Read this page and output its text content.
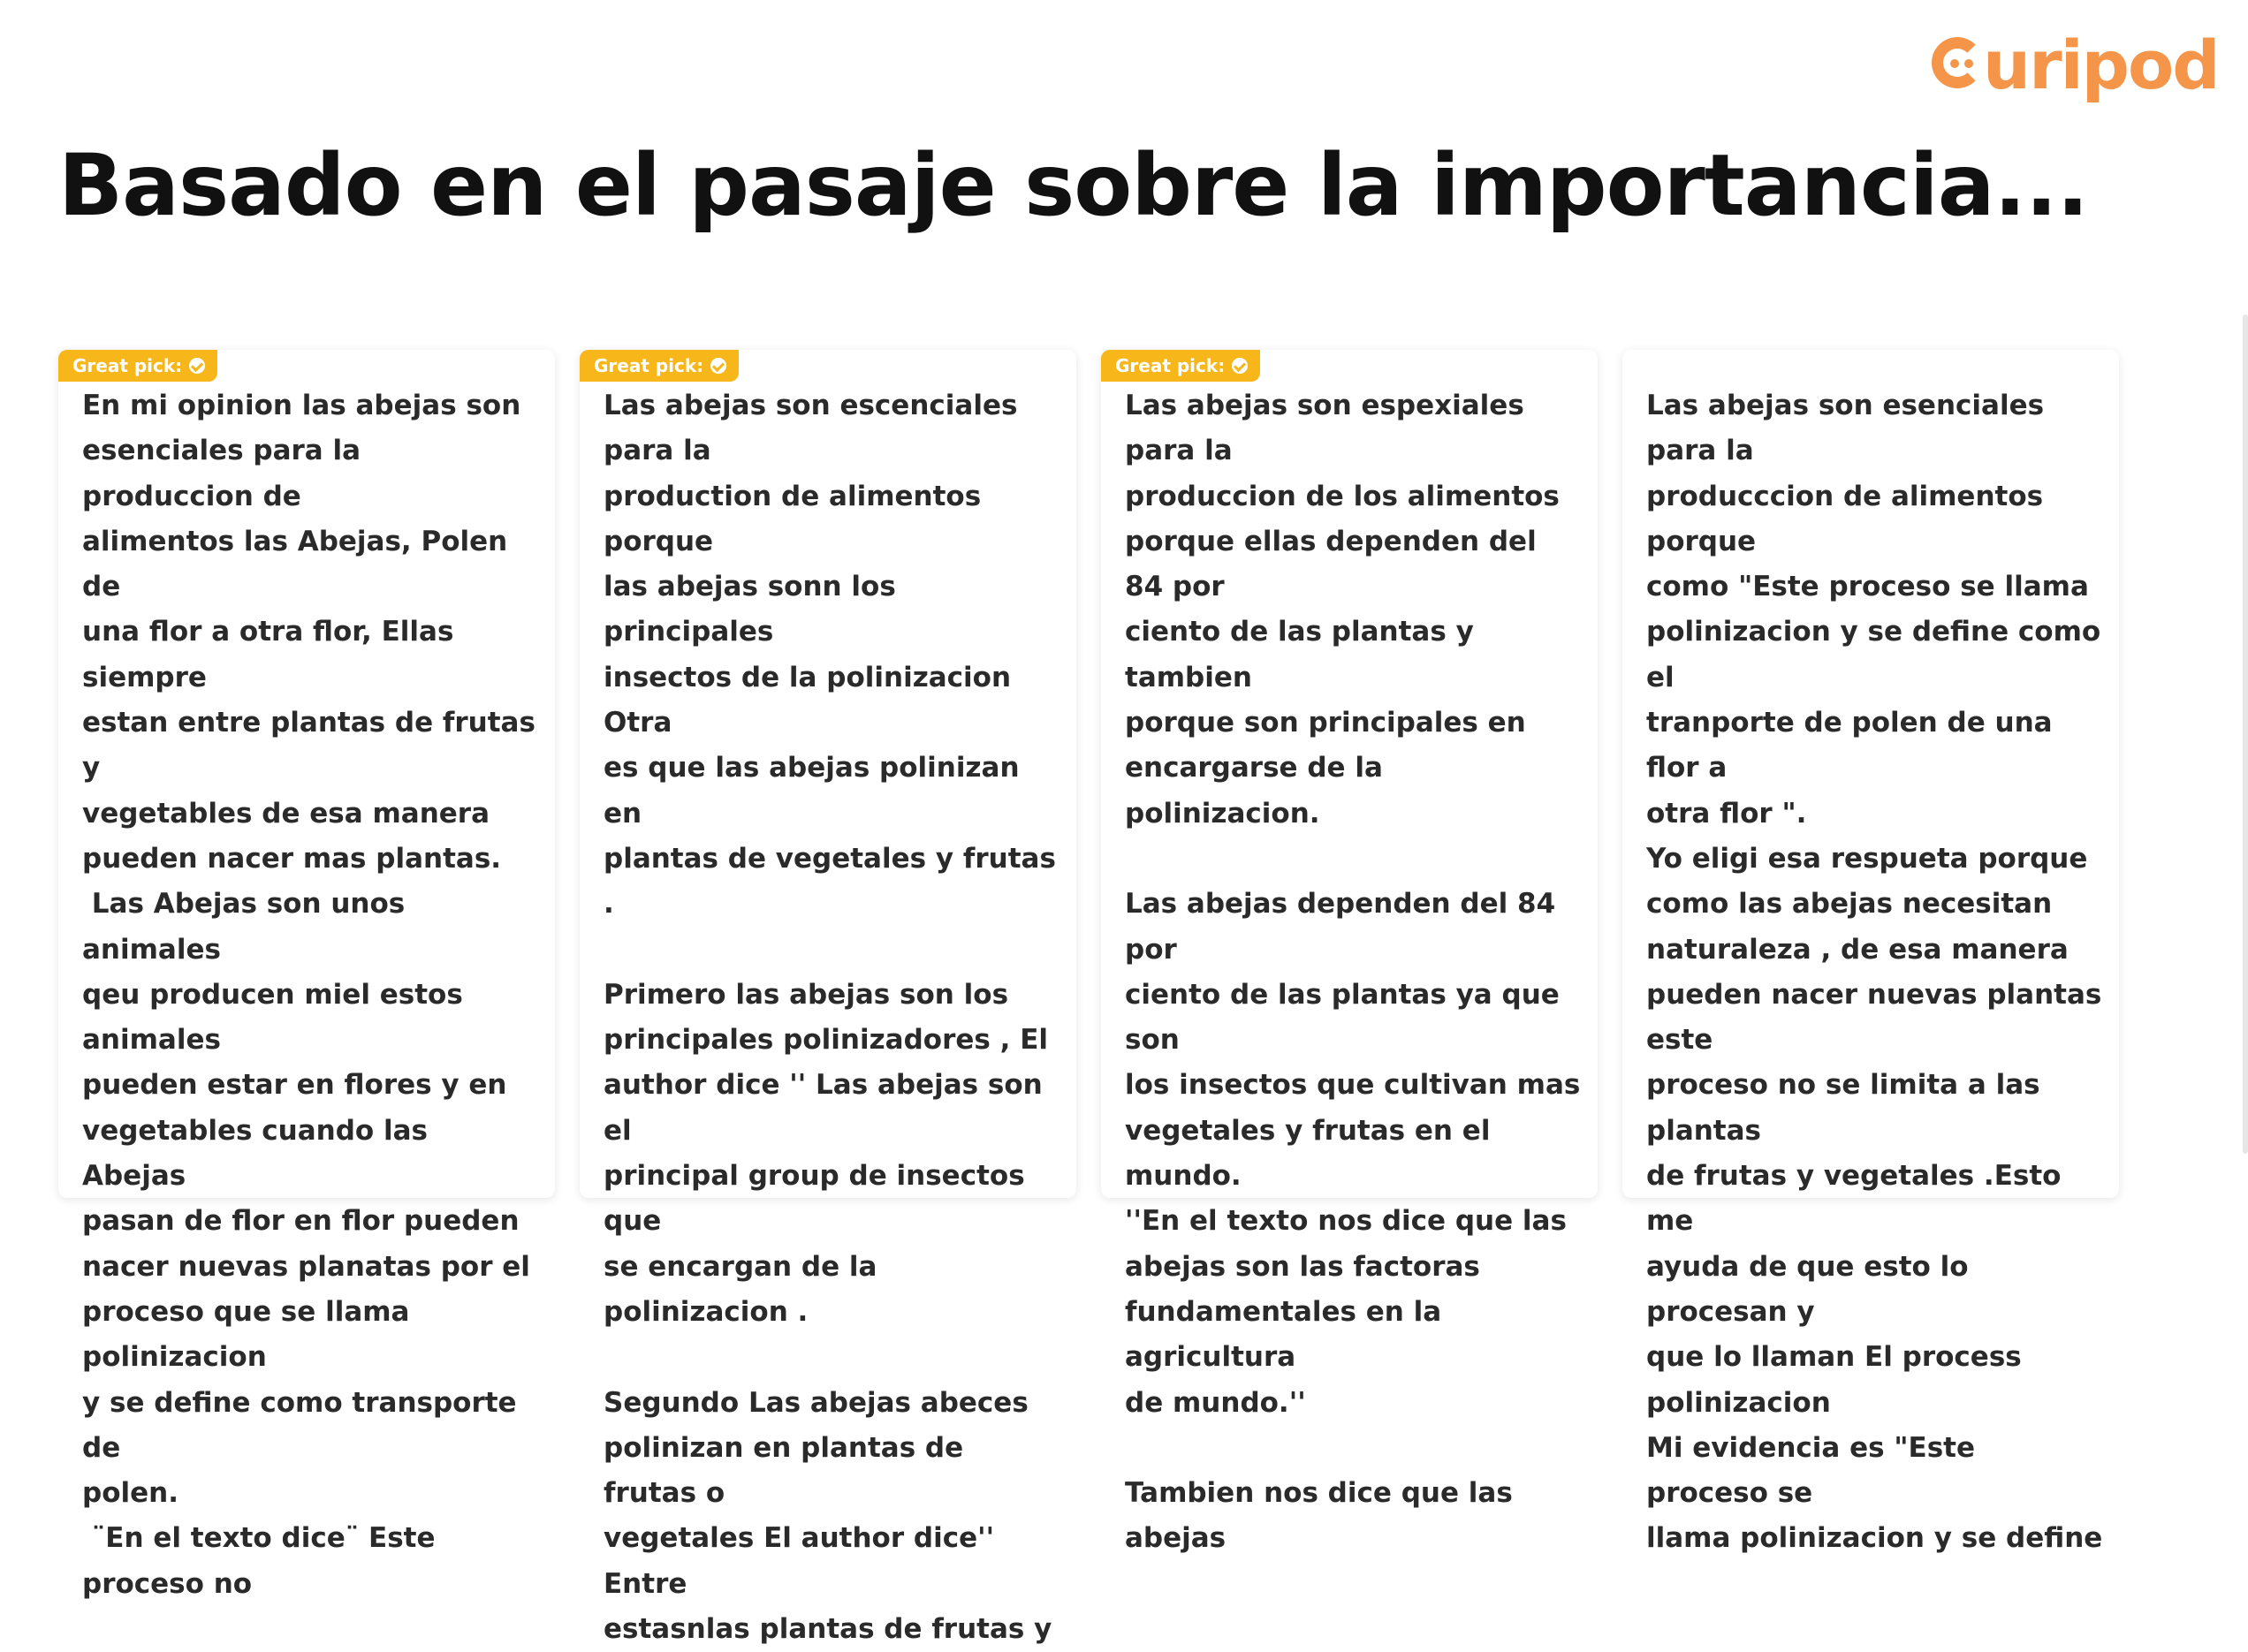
uripod
Basado en el pasaje sobre la importancia...
Great pick:

En mi opinion las abejas son
esenciales para la produccion de
alimentos las Abejas, Polen de
una flor a otra flor, Ellas siempre
estan entre plantas de frutas y
vegetables de esa manera
pueden nacer mas plantas.
Las Abejas son unos animales
qeu producen miel estos animales
pueden estar en flores y en
vegetables cuando las Abejas
pasan de flor en flor pueden
nacer nuevas planatas por el
proceso que se llama polinizacion
y se define como transporte de
polen.
¨En el texto dice¨ Este proceso no

Great pick:

Las abejas son escenciales para la
production de alimentos porque
las abejas sonn los principales
insectos de la polinizacion Otra
es que las abejas polinizan en
plantas de vegetales y frutas .

Primero las abejas son los
principales polinizadores , El
author dice '' Las abejas son el
principal group de insectos que
se encargan de la polinizacion .

Segundo Las abejas abeces
polinizan en plantas de frutas o
vegetales El author dice'' Entre
estasnlas plantas de frutas y

Great pick:

Las abejas son espexiales para la
produccion de los alimentos
porque ellas dependen del 84 por
ciento de las plantas y tambien
porque son principales en
encargarse de la polinizacion.

Las abejas dependen del 84 por
ciento de las plantas ya que son
los insectos que cultivan mas
vegetales y frutas en el mundo.
''En el texto nos dice que las
abejas son las factoras
fundamentales en la agricultura
de mundo.''

Tambien nos dice que las abejas

Las abejas son esenciales para la
producccion de alimentos porque
como "Este proceso se llama
polinizacion y se define como el
tranporte de polen de una flor a
otra flor ".
Yo eligi esa respueta porque
como las abejas necesitan
naturaleza , de esa manera
pueden nacer nuevas plantas este
proceso no se limita a las plantas
de frutas y vegetales .Esto me
ayuda de que esto lo procesan y
que lo llaman El process
polinizacion
Mi evidencia es "Este proceso se
llama polinizacion y se define
